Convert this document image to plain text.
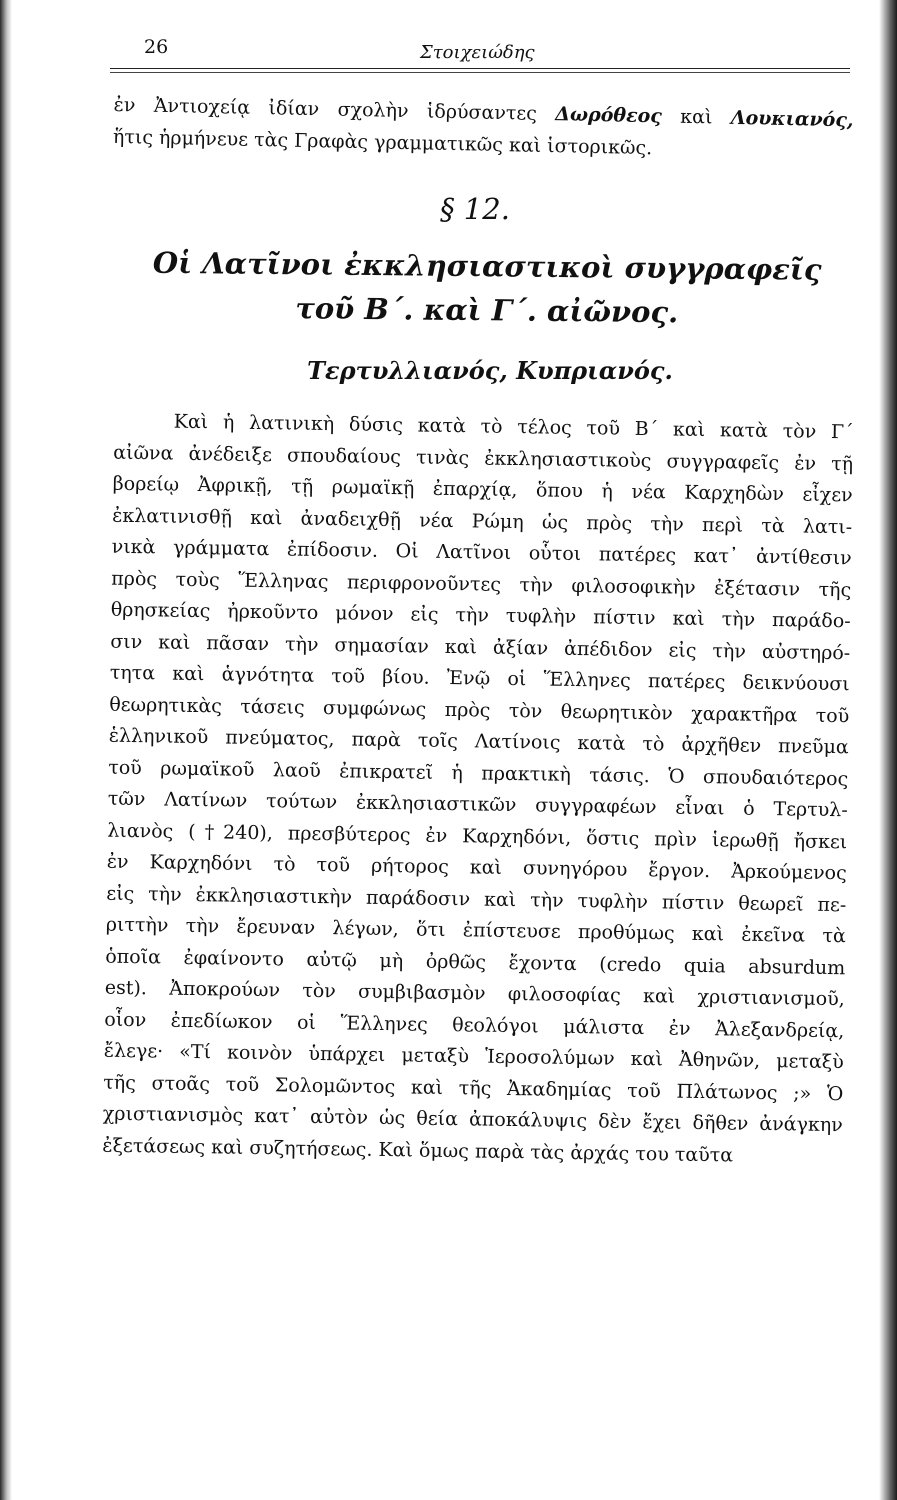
26	Στοιχειώδης
ἐν Ἀντιοχείᾳ ἰδίαν σχολὴν ἱδρύσαντες Δωρόθεος καὶ Λουκιανός,
ἥτις ἡρμήνευε τὰς Γραφὰς γραμματικῶς καὶ ἱστορικῶς.
§ 12.
Οἱ Λατῖνοι ἐκκλησιαστικοὶ συγγραφεῖς
τοῦ Β΄. καὶ Γ΄. αἰῶνος.
Τερτυλλιανός, Κυπριανός.
Καὶ ἡ λατινικὴ δύσις κατὰ τὸ τέλος τοῦ Β΄ καὶ κατὰ τὸν Γ΄
αἰῶνα ἀνέδειξε σπουδαίους τινὰς ἐκκλησιαστικοὺς συγγραφεῖς ἐν τῇ
βορείῳ Ἀφρικῇ, τῇ ρωμαϊκῇ ἐπαρχίᾳ, ὅπου ἡ νέα Καρχηδὼν εἶχεν
ἐκλατινισθῇ καὶ ἀναδειχθῇ νέα Ρώμη ὡς πρὸς τὴν περὶ τὰ λατι-
νικὰ γράμματα ἐπίδοσιν. Οἱ Λατῖνοι οὗτοι πατέρες κατ᾿ ἀντίθεσιν
πρὸς τοὺς Ἕλληνας περιφρονοῦντες τὴν φιλοσοφικὴν ἐξέτασιν τῆς
θρησκείας ἠρκοῦντο μόνον εἰς τὴν τυφλὴν πίστιν καὶ τὴν παράδο-
σιν καὶ πᾶσαν τὴν σημασίαν καὶ ἀξίαν ἀπέδιδον εἰς τὴν αὐστηρό-
τητα καὶ ἁγνότητα τοῦ βίου. Ἐνῷ οἱ Ἕλληνες πατέρες δεικνύουσι
θεωρητικὰς τάσεις συμφώνως πρὸς τὸν θεωρητικὸν χαρακτῆρα τοῦ
ἑλληνικοῦ πνεύματος, παρὰ τοῖς Λατίνοις κατὰ τὸ ἀρχῆθεν πνεῦμα
τοῦ ρωμαϊκοῦ λαοῦ ἐπικρατεῖ ἡ πρακτικὴ τάσις. Ὁ σπουδαιότερος
τῶν Λατίνων τούτων ἐκκλησιαστικῶν συγγραφέων εἶναι ὁ Τερτυλ-
λιανὸς (†240), πρεσβύτερος ἐν Καρχηδόνι, ὅστις πρὶν ἱερωθῇ ἤσκει
ἐν Καρχηδόνι τὸ τοῦ ρήτορος καὶ συνηγόρου ἔργον. Ἀρκούμενος
εἰς τὴν ἐκκλησιαστικὴν παράδοσιν καὶ τὴν τυφλὴν πίστιν θεωρεῖ πε-
ριττὴν τὴν ἔρευναν λέγων, ὅτι ἐπίστευσε προθύμως καὶ ἐκεῖνα τὰ
ὁποῖα ἐφαίνοντο αὐτῷ μὴ ὀρθῶς ἔχοντα (credo quia absurdum
est). Ἀποκρούων τὸν συμβιβασμὸν φιλοσοφίας καὶ χριστιανισμοῦ,
οἷον ἐπεδίωκον οἱ Ἕλληνες θεολόγοι μάλιστα ἐν Ἀλεξανδρείᾳ,
ἔλεγε· «Τί κοινὸν ὑπάρχει μεταξὺ Ἱεροσολύμων καὶ Ἀθηνῶν, μεταξὺ
τῆς στοᾶς τοῦ Σολομῶντος καὶ τῆς Ἀκαδημίας τοῦ Πλάτωνος ;» Ὁ
χριστιανισμὸς κατ᾿ αὐτὸν ὡς θεία ἀποκάλυψις δὲν ἔχει δῆθεν ἀνάγκην
ἐξετάσεως καὶ συζητήσεως. Καὶ ὅμως παρὰ τὰς ἀρχάς του ταῦτα
